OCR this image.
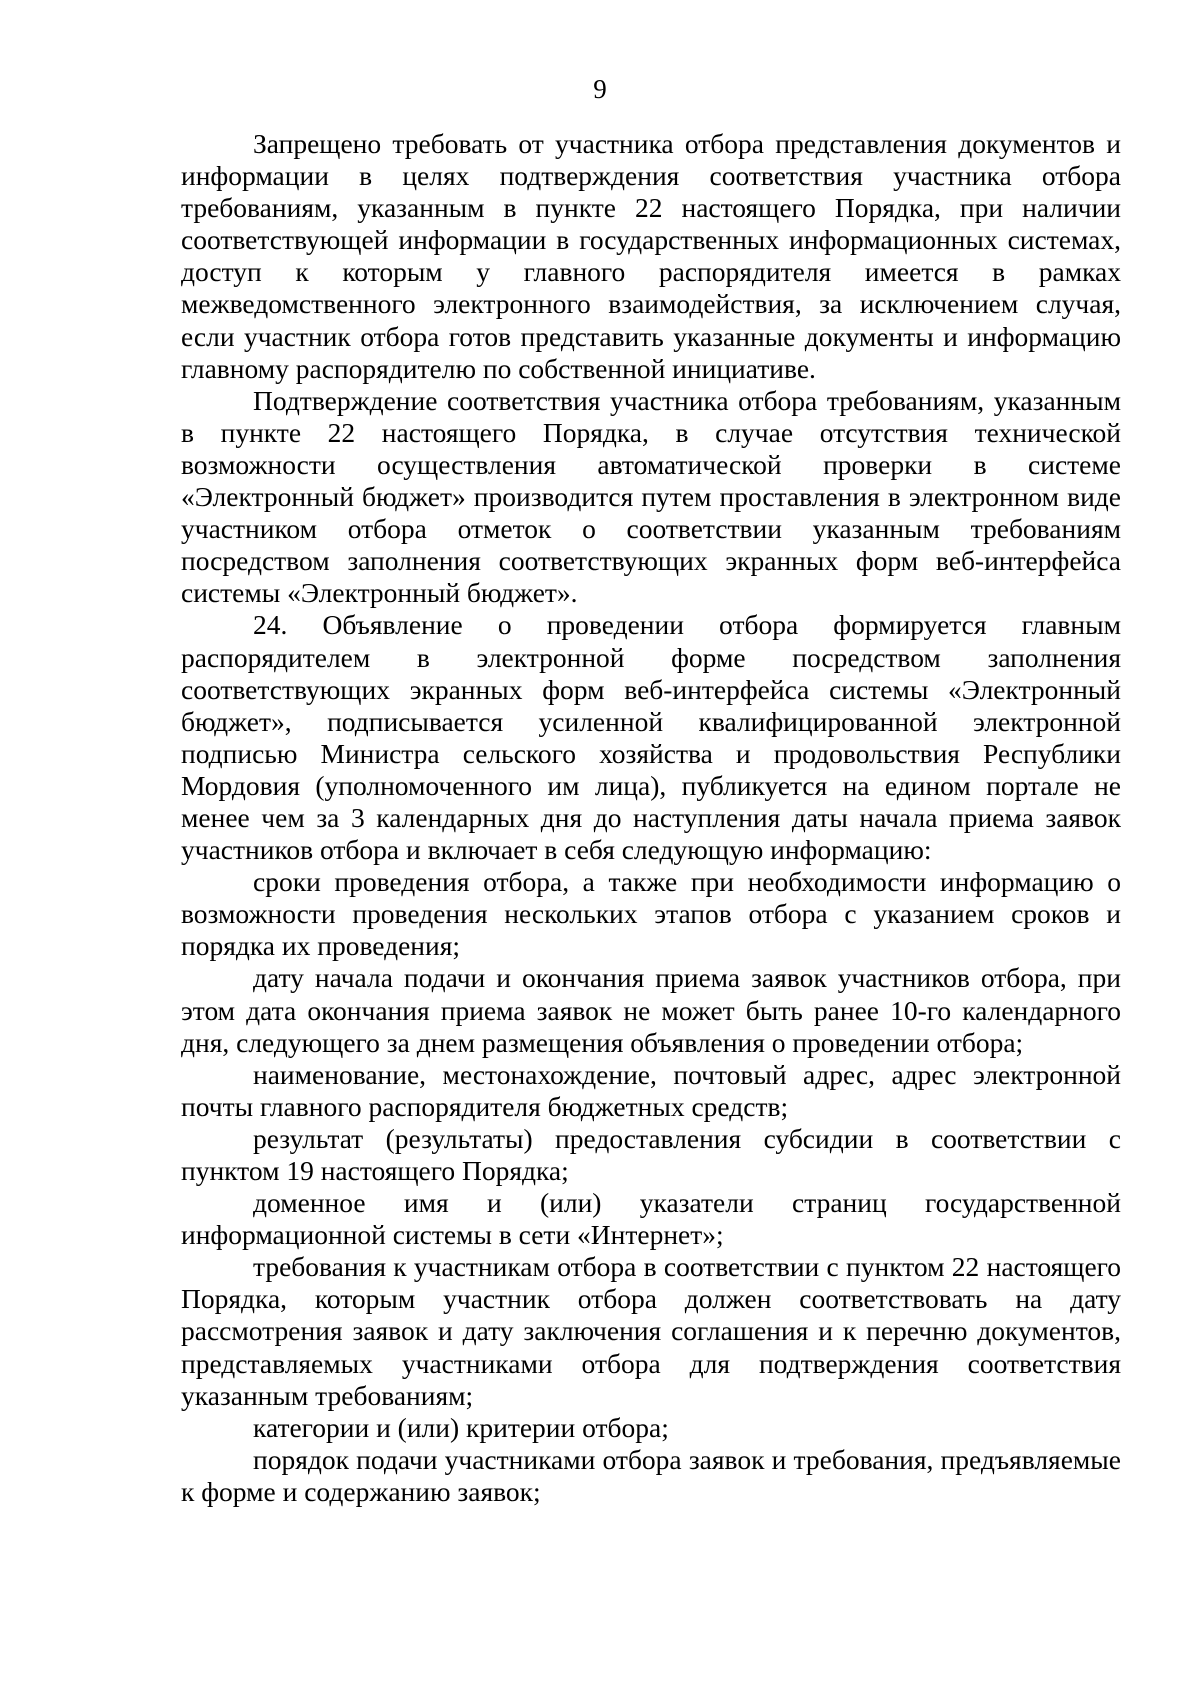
9

Запрещено требовать от участника отбора представления документов и информации в целях подтверждения соответствия участника отбора требованиям, указанным в пункте 22 настоящего Порядка, при наличии соответствующей информации в государственных информационных системах, доступ к которым у главного распорядителя имеется в рамках межведомственного электронного взаимодействия, за исключением случая, если участник отбора готов представить указанные документы и информацию главному распорядителю по собственной инициативе.

Подтверждение соответствия участника отбора требованиям, указанным в пункте 22 настоящего Порядка, в случае отсутствия технической возможности осуществления автоматической проверки в системе «Электронный бюджет» производится путем проставления в электронном виде участником отбора отметок о соответствии указанным требованиям посредством заполнения соответствующих экранных форм веб-интерфейса системы «Электронный бюджет».

24. Объявление о проведении отбора формируется главным распорядителем в электронной форме посредством заполнения соответствующих экранных форм веб-интерфейса системы «Электронный бюджет», подписывается усиленной квалифицированной электронной подписью Министра сельского хозяйства и продовольствия Республики Мордовия (уполномоченного им лица), публикуется на едином портале не менее чем за 3 календарных дня до наступления даты начала приема заявок участников отбора и включает в себя следующую информацию:

сроки проведения отбора, а также при необходимости информацию о возможности проведения нескольких этапов отбора с указанием сроков и порядка их проведения;

дату начала подачи и окончания приема заявок участников отбора, при этом дата окончания приема заявок не может быть ранее 10-го календарного дня, следующего за днем размещения объявления о проведении отбора;

наименование, местонахождение, почтовый адрес, адрес электронной почты главного распорядителя бюджетных средств;

результат (результаты) предоставления субсидии в соответствии с пунктом 19 настоящего Порядка;

доменное имя и (или) указатели страниц государственной информационной системы в сети «Интернет»;

требования к участникам отбора в соответствии с пунктом 22 настоящего Порядка, которым участник отбора должен соответствовать на дату рассмотрения заявок и дату заключения соглашения и к перечню документов, представляемых участниками отбора для подтверждения соответствия указанным требованиям;

категории и (или) критерии отбора;

порядок подачи участниками отбора заявок и требования, предъявляемые к форме и содержанию заявок;
